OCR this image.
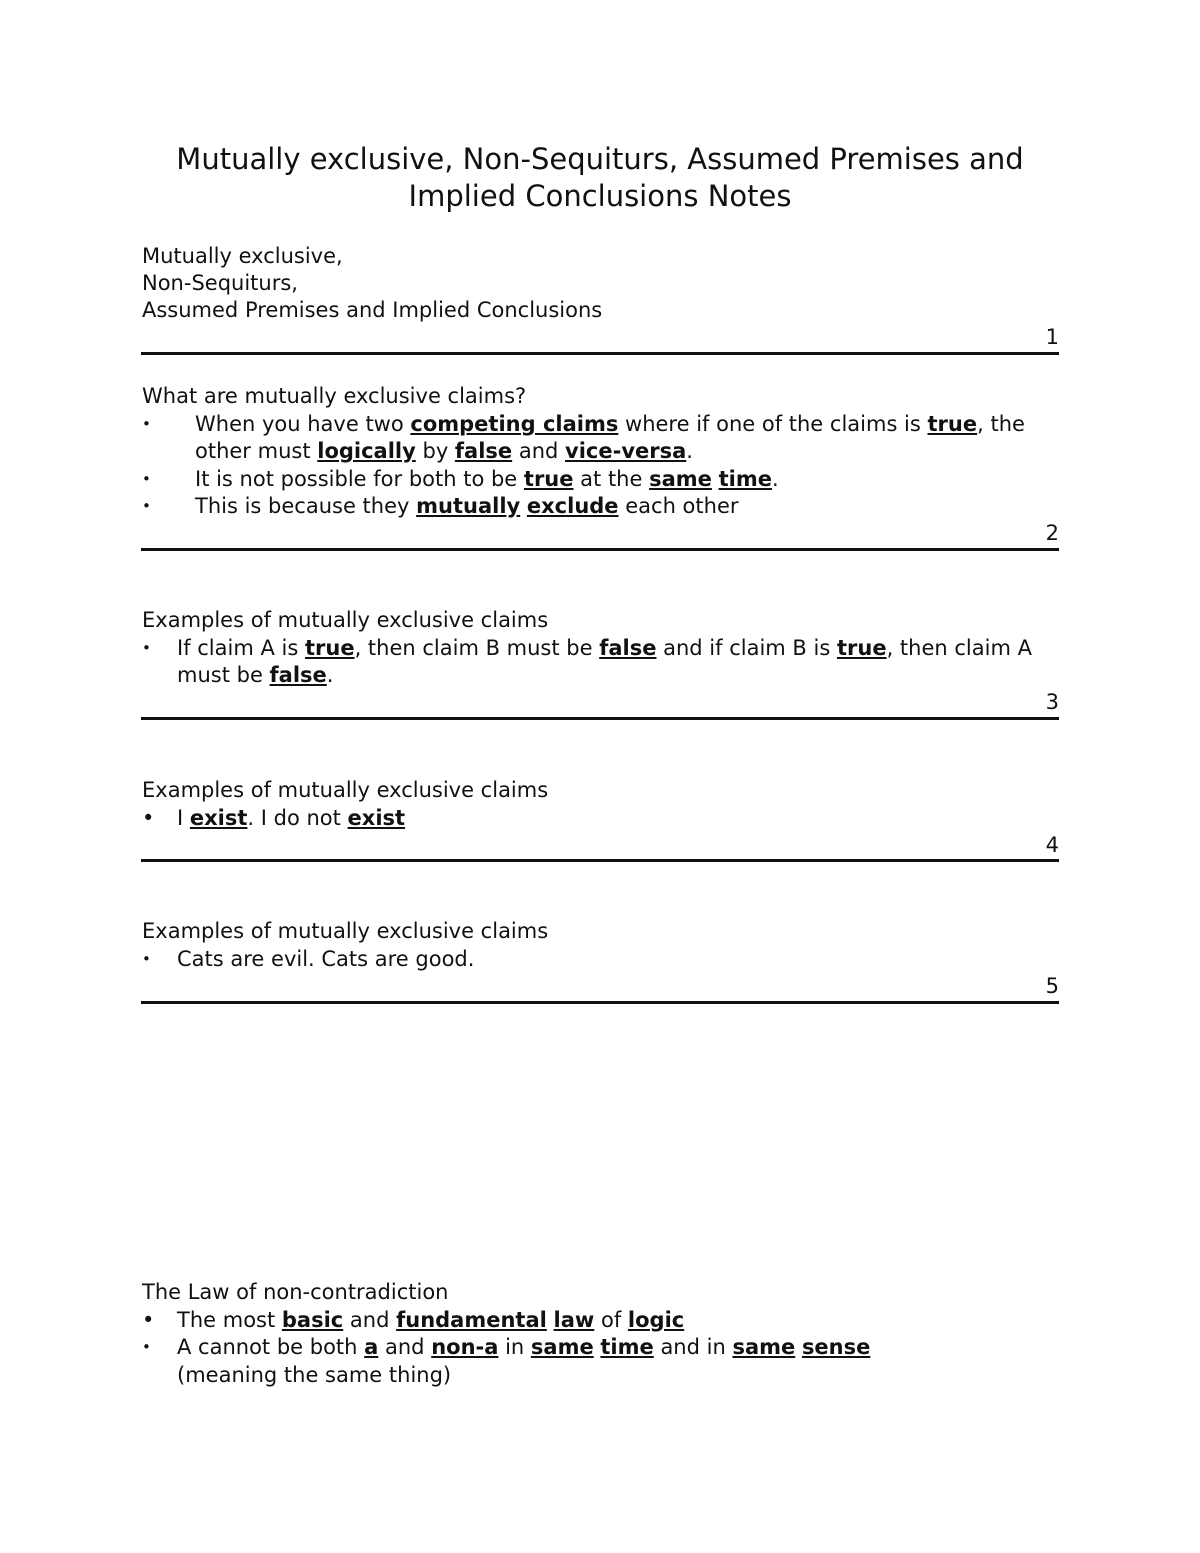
Mutually exclusive, Non-Sequiturs, Assumed Premises and Implied Conclusions Notes
Mutually exclusive,
Non-Sequiturs,
Assumed Premises and Implied Conclusions
1
What are mutually exclusive claims?
•	When you have two competing claims where if one of the claims is true, the other must logically by false and vice-versa.
•	It is not possible for both to be true at the same time.
•	This is because they mutually exclude each other
2
Examples of mutually exclusive claims
•	If claim A is true, then claim B must be false and if claim B is true, then claim A must be false.
3
Examples of mutually exclusive claims
•	I exist. I do not exist
4
Examples of mutually exclusive claims
•	Cats are evil. Cats are good.
5
The Law of non-contradiction
•	The most basic and fundamental law of logic
•	A cannot be both a and non-a in same time and in same sense (meaning the same thing)
